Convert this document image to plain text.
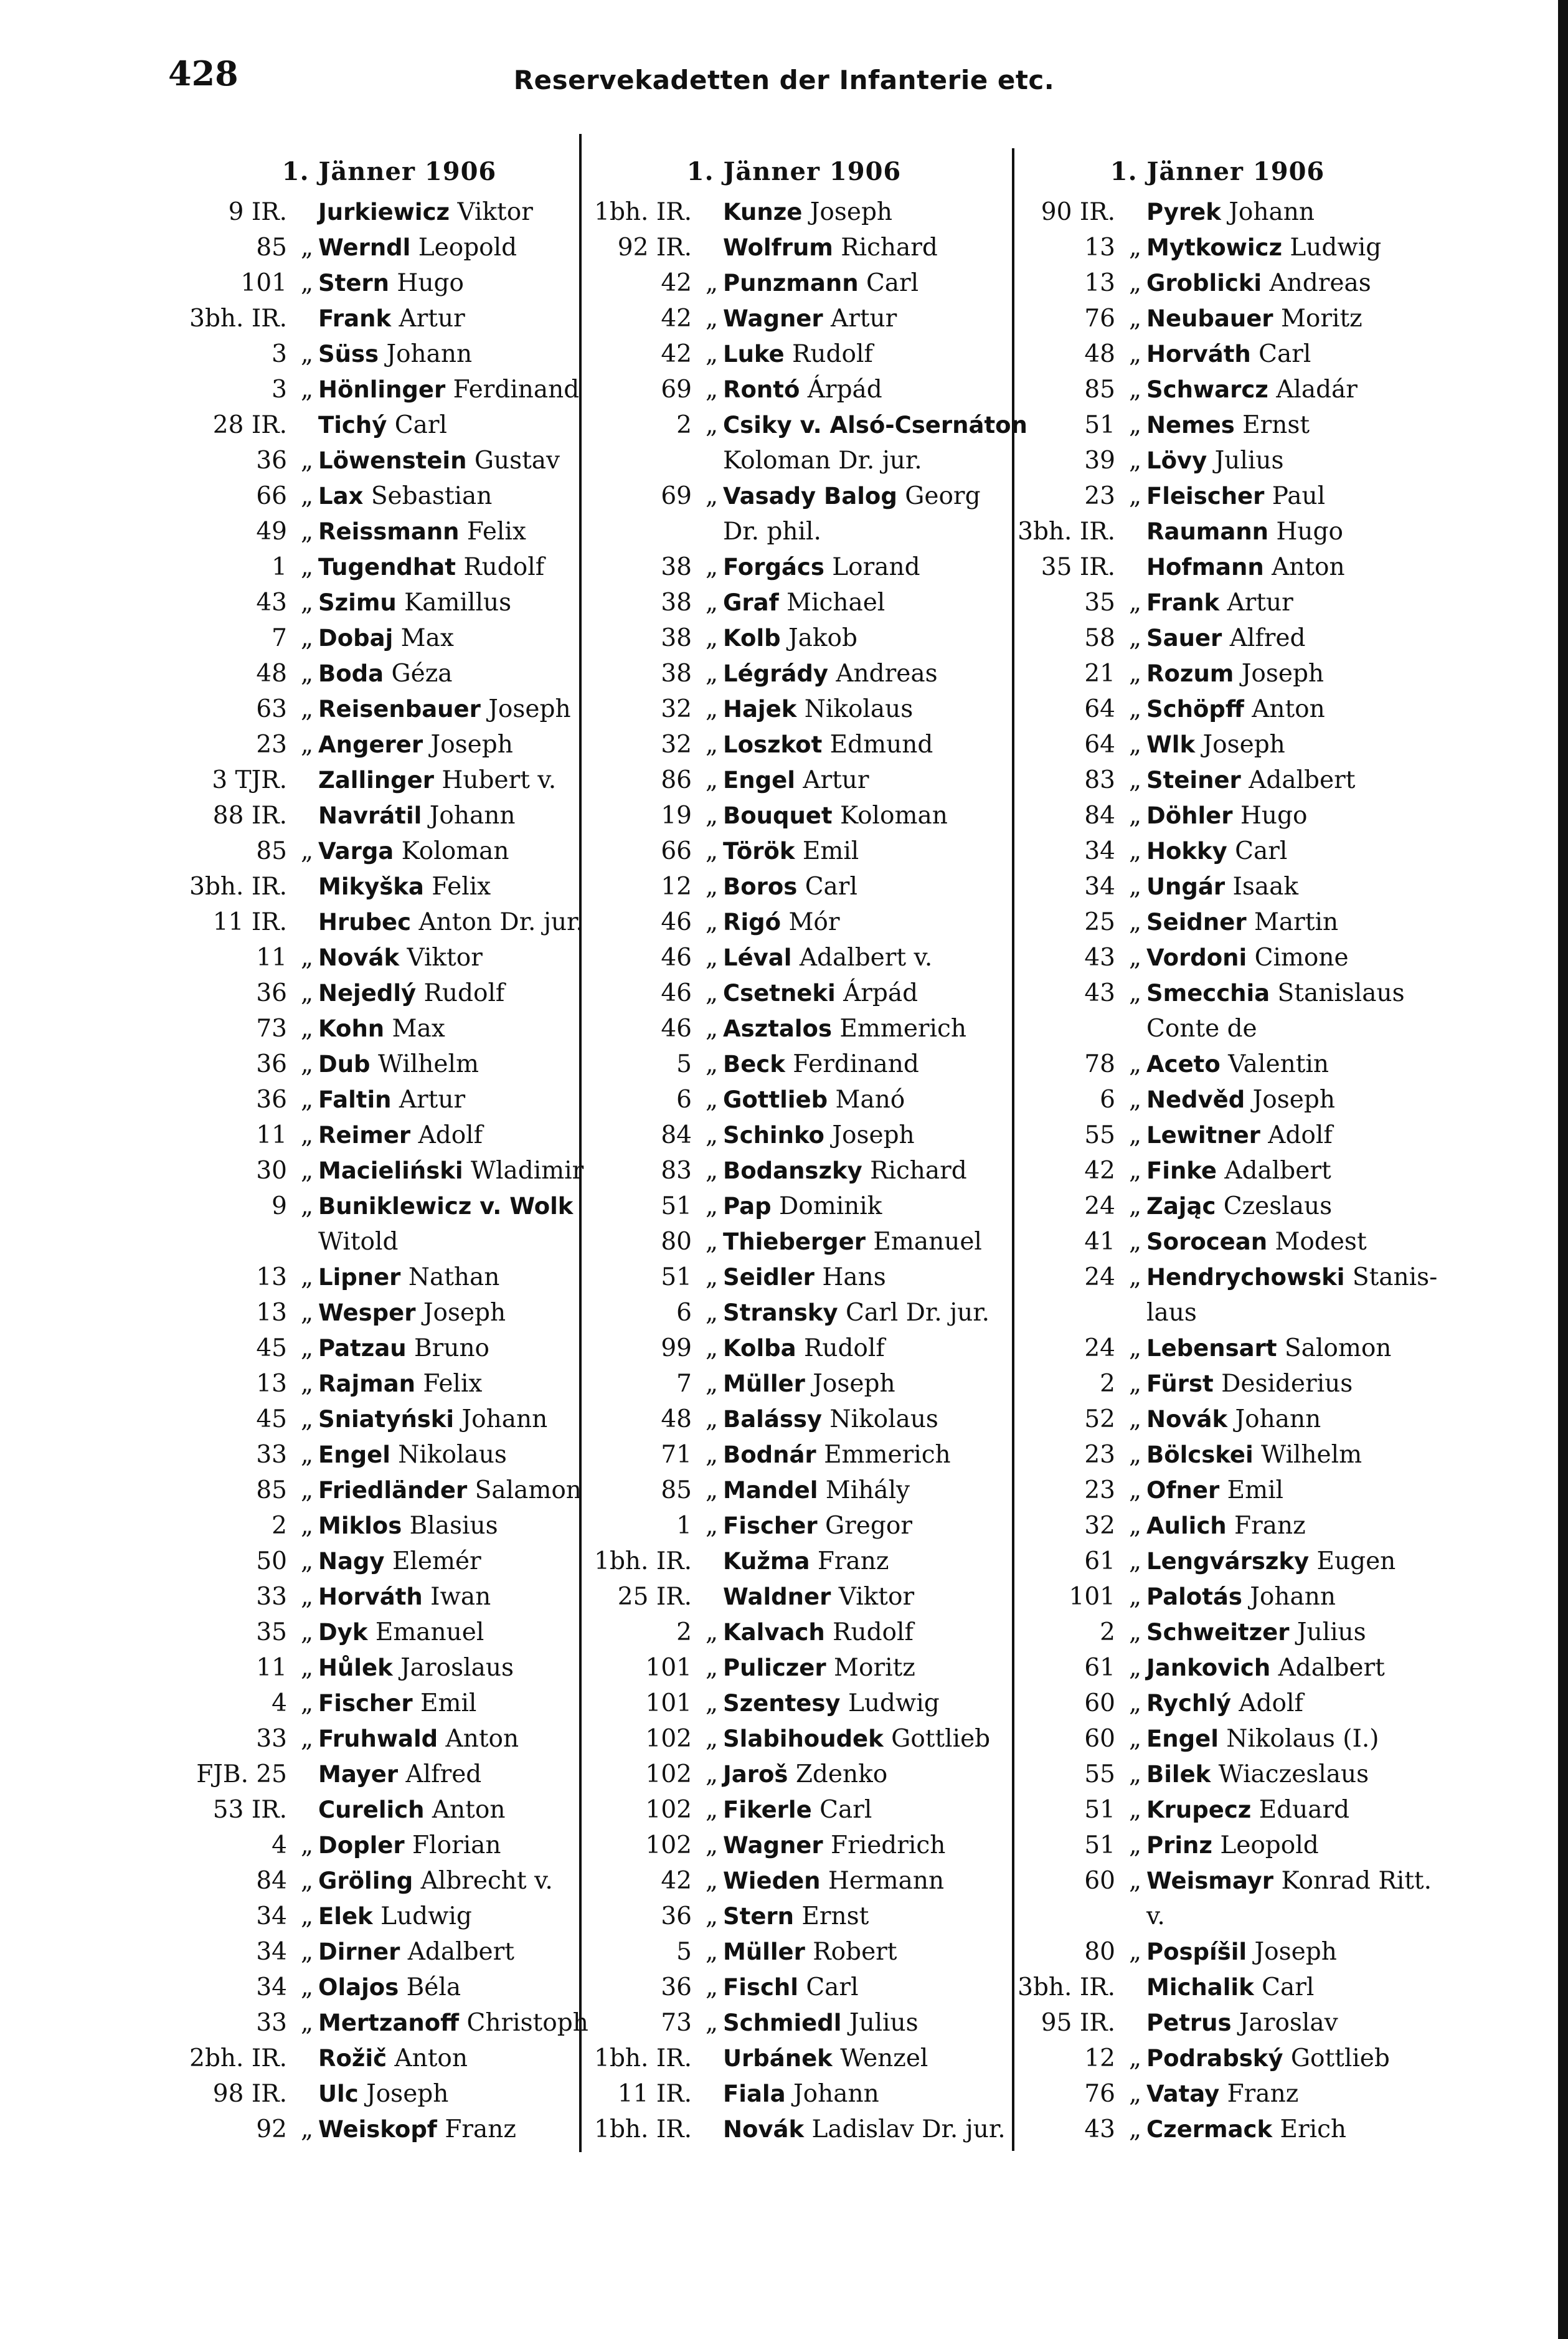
428	Reservekadetten der Infanterie etc.
1. Jänner 1906
9 IR.	Jurkiewicz Viktor
85 „ Werndl Leopold
101 „ Stern Hugo
3bh. IR.	Frank Artur
3 „ Süss Johann
3 „ Hönlinger Ferdinand
28 IR.	Tichý Carl
36 „ Löwenstein Gustav
66 „ Lax Sebastian
49 „ Reissmann Felix
1 „ Tugendhat Rudolf
43 „ Szimu Kamillus
7 „ Dobaj Max
48 „ Boda Géza
63 „ Reisenbauer Joseph
23 „ Angerer Joseph
3 TJR.	Zallinger Hubert v.
88 IR.	Navrátil Johann
85 „ Varga Koloman
3bh. IR.	Mikyška Felix
11 IR.	Hrubec Anton Dr. jur.
11 „ Novák Viktor
36 „ Nejedlý Rudolf
73 „ Kohn Max
36 „ Dub Wilhelm
36 „ Faltin Artur
11 „ Reimer Adolf
30 „ Macieliński Wladimir
9 „ Buniklewicz v. Wolk
Witold
13 „ Lipner Nathan
13 „ Wesper Joseph
45 „ Patzau Bruno
13 „ Rajman Felix
45 „ Sniatyński Johann
33 „ Engel Nikolaus
85 „ Friedländer Salamon
2 „ Miklos Blasius
50 „ Nagy Elemér
33 „ Horváth Iwan
35 „ Dyk Emanuel
11 „ Hůlek Jaroslaus
4 „ Fischer Emil
33 „ Fruhwald Anton
FJB. 25	Mayer Alfred
53 IR.	Curelich Anton
4 „ Dopler Florian
84 „ Gröling Albrecht v.
34 „ Elek Ludwig
34 „ Dirner Adalbert
34 „ Olajos Béla
33 „ Mertzanoff Christoph
2bh. IR.	Rožič Anton
98 IR.	Ulc Joseph
92 „ Weiskopf Franz
1. Jänner 1906
1bh. IR.	Kunze Joseph
92 IR.	Wolfrum Richard
42 „ Punzmann Carl
42 „ Wagner Artur
42 „ Luke Rudolf
69 „ Rontó Árpád
2 „ Csiky v. Alsó-Csernáton
Koloman Dr. jur.
69 „ Vasady Balog Georg
Dr. phil.
38 „ Forgács Lorand
38 „ Graf Michael
38 „ Kolb Jakob
38 „ Légrády Andreas
32 „ Hajek Nikolaus
32 „ Loszkot Edmund
86 „ Engel Artur
19 „ Bouquet Koloman
66 „ Török Emil
12 „ Boros Carl
46 „ Rigó Mór
46 „ Léval Adalbert v.
46 „ Csetneki Árpád
46 „ Asztalos Emmerich
5 „ Beck Ferdinand
6 „ Gottlieb Manó
84 „ Schinko Joseph
83 „ Bodanszky Richard
51 „ Pap Dominik
80 „ Thieberger Emanuel
51 „ Seidler Hans
6 „ Stransky Carl Dr. jur.
99 „ Kolba Rudolf
7 „ Müller Joseph
48 „ Balássy Nikolaus
71 „ Bodnár Emmerich
85 „ Mandel Mihály
1 „ Fischer Gregor
1bh. IR.	Kužma Franz
25 IR.	Waldner Viktor
2 „ Kalvach Rudolf
101 „ Puliczer Moritz
101 „ Szentesy Ludwig
102 „ Slabihoudek Gottlieb
102 „ Jaroš Zdenko
102 „ Fikerle Carl
102 „ Wagner Friedrich
42 „ Wieden Hermann
36 „ Stern Ernst
5 „ Müller Robert
36 „ Fischl Carl
73 „ Schmiedl Julius
1bh. IR.	Urbánek Wenzel
11 IR.	Fiala Johann
1bh. IR.	Novák Ladislav Dr. jur.
1. Jänner 1906
90 IR.	Pyrek Johann
13 „ Mytkowicz Ludwig
13 „ Groblicki Andreas
76 „ Neubauer Moritz
48 „ Horváth Carl
85 „ Schwarcz Aladár
51 „ Nemes Ernst
39 „ Lövy Julius
23 „ Fleischer Paul
3bh. IR.	Raumann Hugo
35 IR.	Hofmann Anton
35 „ Frank Artur
58 „ Sauer Alfred
21 „ Rozum Joseph
64 „ Schöpff Anton
64 „ Wlk Joseph
83 „ Steiner Adalbert
84 „ Döhler Hugo
34 „ Hokky Carl
34 „ Ungár Isaak
25 „ Seidner Martin
43 „ Vordoni Cimone
43 „ Smecchia Stanislaus
Conte de
78 „ Aceto Valentin
6 „ Nedvěd Joseph
55 „ Lewitner Adolf
42 „ Finke Adalbert
24 „ Zając Czeslaus
41 „ Sorocean Modest
24 „ Hendrychowski Stanis-
laus
24 „ Lebensart Salomon
2 „ Fürst Desiderius
52 „ Novák Johann
23 „ Bölcskei Wilhelm
23 „ Ofner Emil
32 „ Aulich Franz
61 „ Lengvárszky Eugen
101 „ Palotás Johann
2 „ Schweitzer Julius
61 „ Jankovich Adalbert
60 „ Rychlý Adolf
60 „ Engel Nikolaus (I.)
55 „ Bilek Wiaczeslaus
51 „ Krupecz Eduard
51 „ Prinz Leopold
60 „ Weismayr Konrad Ritt.
v.
80 „ Pospíšil Joseph
3bh. IR.	Michalik Carl
95 IR.	Petrus Jaroslav
12 „ Podrabský Gottlieb
76 „ Vatay Franz
43 „ Czermack Erich
